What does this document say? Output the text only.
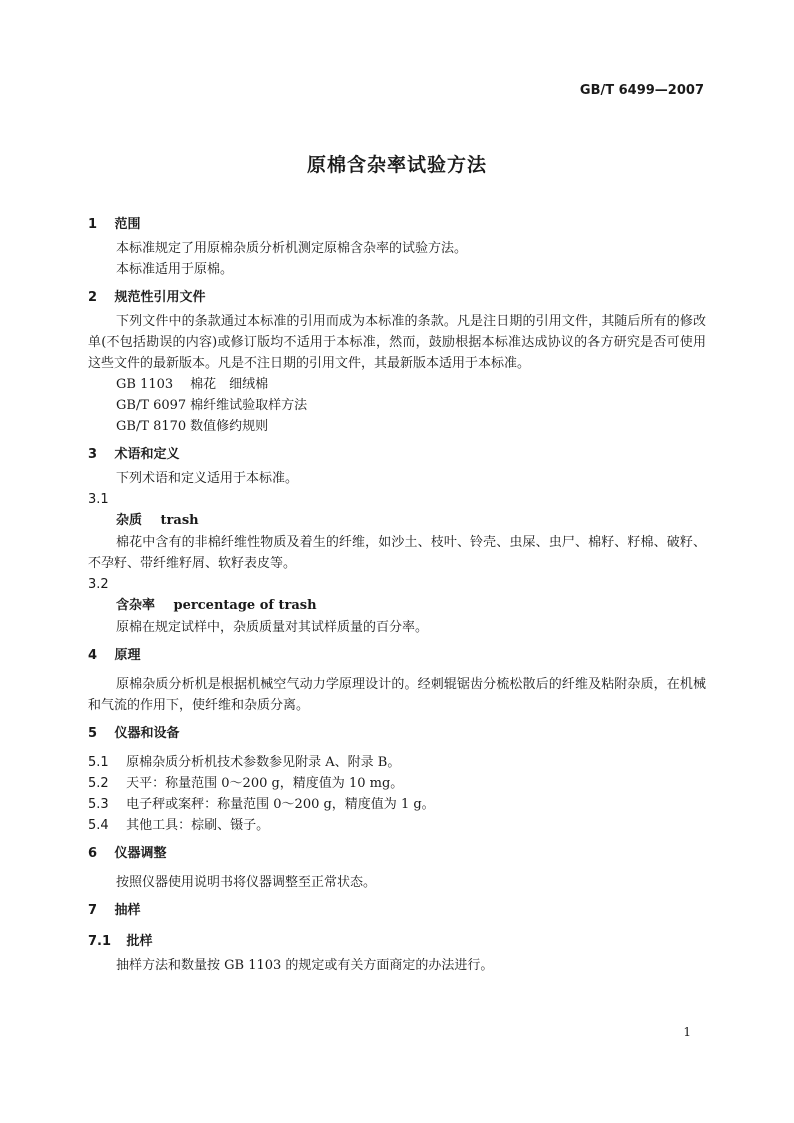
GB/T 6499—2007
原棉含杂率试验方法
1 范围
本标准规定了用原棉杂质分析机测定原棉含杂率的试验方法。
本标准适用于原棉。
2 规范性引用文件
下列文件中的条款通过本标准的引用而成为本标准的条款。凡是注日期的引用文件，其随后所有的修改单(不包括勘误的内容)或修订版均不适用于本标准，然而，鼓励根据本标准达成协议的各方研究是否可使用这些文件的最新版本。凡是不注日期的引用文件，其最新版本适用于本标准。
GB 1103 棉花　细绒棉
GB/T 6097 棉纤维试验取样方法
GB/T 8170 数值修约规则
3 术语和定义
下列术语和定义适用于本标准。
3.1
杂质 trash
棉花中含有的非棉纤维性物质及着生的纤维，如沙土、枝叶、铃壳、虫屎、虫尸、棉籽、籽棉、破籽、不孕籽、带纤维籽屑、软籽表皮等。
3.2
含杂率 percentage of trash
原棉在规定试样中，杂质质量对其试样质量的百分率。
4 原理
原棉杂质分析机是根据机械空气动力学原理设计的。经刺辊锯齿分梳松散后的纤维及粘附杂质，在机械和气流的作用下，使纤维和杂质分离。
5 仪器和设备
5.1 原棉杂质分析机技术参数参见附录 A、附录 B。
5.2 天平：称量范围 0～200 g，精度值为 10 mg。
5.3 电子秤或案秤：称量范围 0～200 g，精度值为 1 g。
5.4 其他工具：棕刷、镊子。
6 仪器调整
按照仪器使用说明书将仪器调整至正常状态。
7 抽样
7.1 批样
抽样方法和数量按 GB 1103 的规定或有关方面商定的办法进行。
1
